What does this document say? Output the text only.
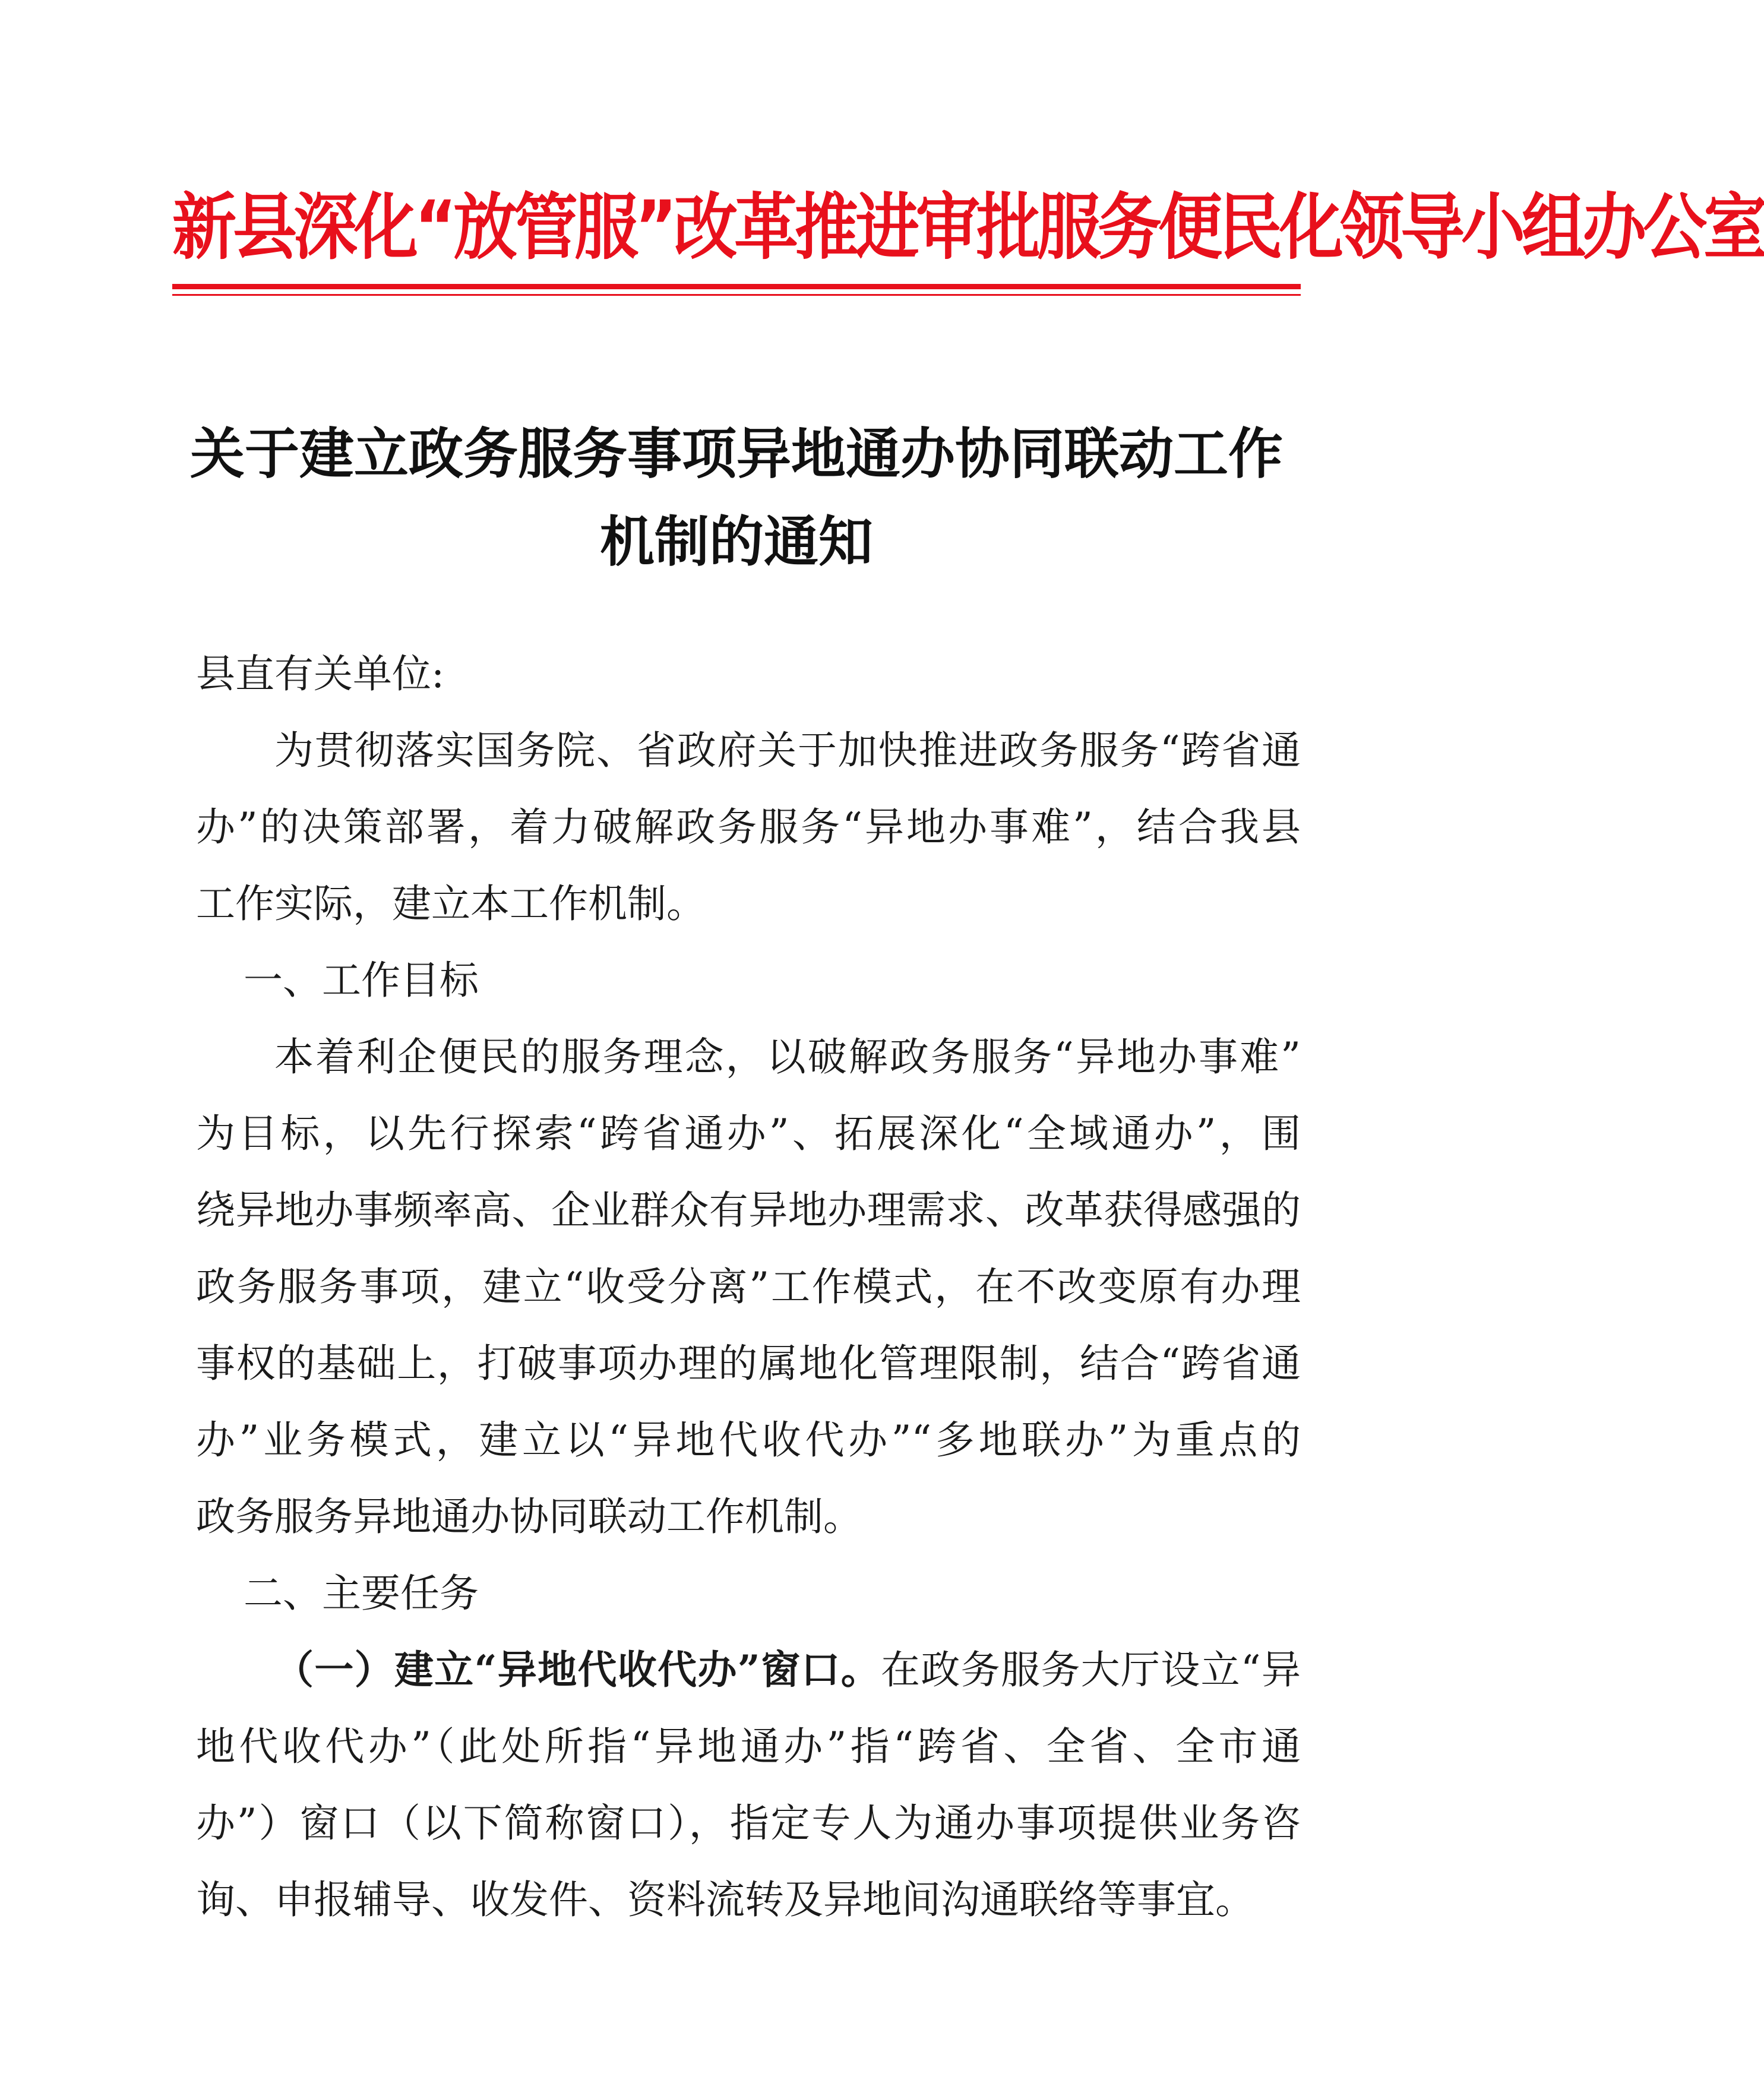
新县深化“放管服”改革推进审批服务便民化领导小组办公室
关于建立政务服务事项异地通办协同联动工作
机制的通知

县直有关单位:

为贯彻落实国务院、省政府关于加快推进政务服务“跨省通
办”的决策部署，着力破解政务服务“异地办事难”，结合我县
工作实际，建立本工作机制。

一、工作目标

本着利企便民的服务理念，以破解政务服务“异地办事难”
为目标，以先行探索“跨省通办”、拓展深化“全域通办”，围
绕异地办事频率高、企业群众有异地办理需求、改革获得感强的
政务服务事项，建立“收受分离”工作模式，在不改变原有办理
事权的基础上，打破事项办理的属地化管理限制，结合“跨省通
办”业务模式，建立以“异地代收代办”“多地联办”为重点的
政务服务异地通办协同联动工作机制。

二、主要任务

（一）建立“异地代收代办”窗口。在政务服务大厅设立“异
地代收代办”（此处所指“异地通办”指“跨省、全省、全市通
办”）窗口（以下简称窗口），指定专人为通办事项提供业务咨
询、申报辅导、收发件、资料流转及异地间沟通联络等事宜。
